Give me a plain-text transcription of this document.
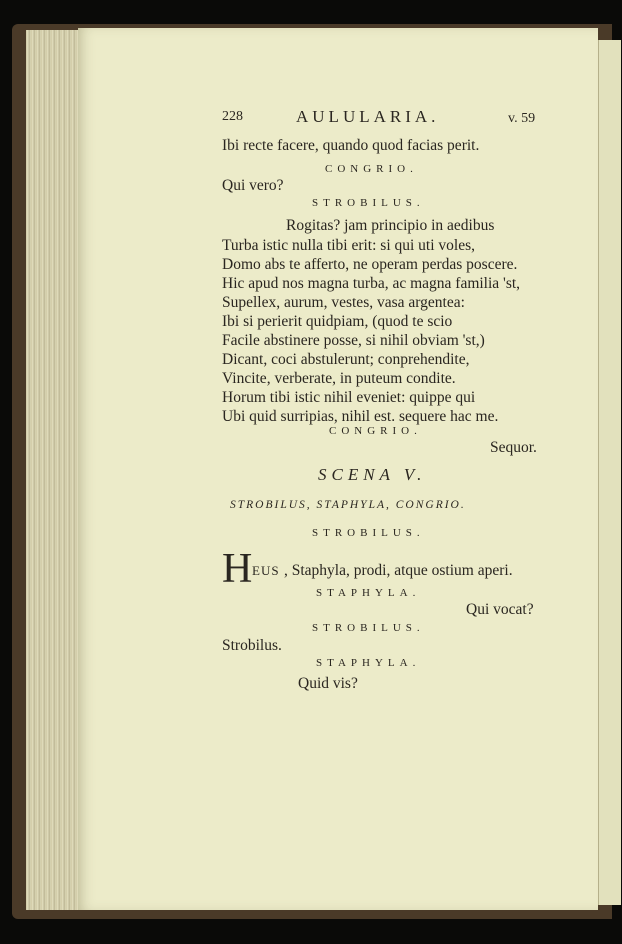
228	AULULARIA.	v. 59
Ibi recte facere, quando quod facias perit.
CONGRIO.
Qui vero?
STROBILUS.
Rogitas? jam principio in aedibus
Turba istic nulla tibi erit: si qui uti voles,
Domo abs te afferto, ne operam perdas poscere.
Hic apud nos magna turba, ac magna familia 'st,
Supellex, aurum, vestes, vasa argentea:
Ibi si perierit quidpiam, (quod te scio
Facile abstinere posse, si nihil obviam 'st,)
Dicant, coci abstulerunt; conprehendite,
Vincite, verberate, in puteum condite.
Horum tibi istic nihil eveniet: quippe qui
Ubi quid surripias, nihil est. sequere hac me.
CONGRIO.
Sequor.
SCENA V.
STROBILUS, STAPHYLA, CONGRIO.
STROBILUS.
H EUS , Staphyla, prodi, atque ostium aperi.
STAPHYLA.
Qui vocat?
STROBILUS.
Strobilus.
STAPHYLA.
Quid vis?
